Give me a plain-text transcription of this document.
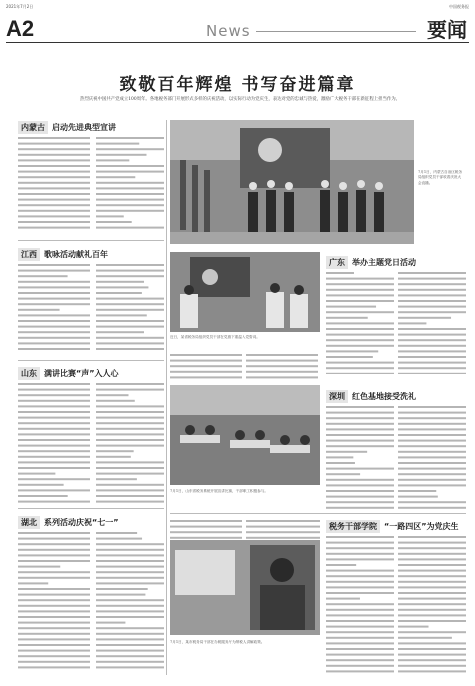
2021年7月2日	中国税务报
A2	News	要闻
致敬百年辉煌 书写奋进篇章
热烈庆祝中国共产党成立100周年。各地税务部门开展形式多样的庆祝活动，以实际行动为党庆生，表达对党的忠诚与热爱，激励广大税务干部在新征程上担当作为。
内蒙古 启动先进典型宣讲
江西 歌咏活动献礼百年
山东 满讲比赛“声”入人心
湖北 系列活动庆祝“七一”
7月1日，内蒙古自治区税务局组织党员干部收看庆祝大会直播。
近日，某省税务局组织党员干部在党旗下重温入党誓词。
广东 举办主题党日活动
7月1日，山东省税务系统开展宣讲比赛，干部职工积极参与。
深圳 红色基地接受洗礼
7月1日，某市税务局干部在办税服务厅为纳税人讲解政策。
税务干部学院 “一路四区”为党庆生
